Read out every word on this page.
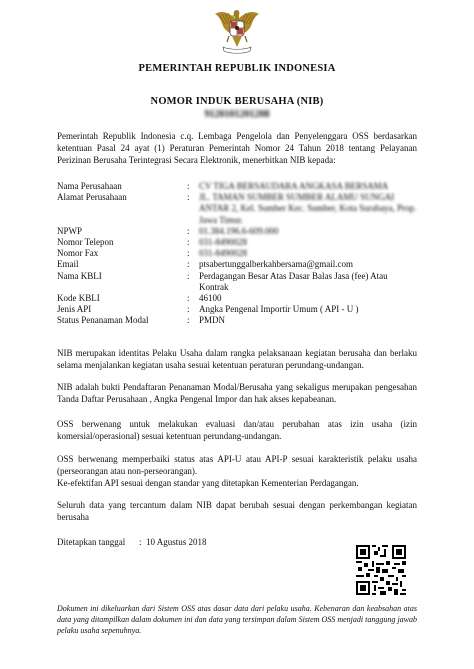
PEMERINTAH REPUBLIK INDONESIA
NOMOR INDUK BERUSAHA (NIB)
9120101201208
Pemerintah Republik Indonesia c.q. Lembaga Pengelola dan Penyelenggara OSS berdasarkan ketentuan Pasal 24 ayat (1) Peraturan Pemerintah Nomor 24 Tahun 2018 tentang Pelayanan Perizinan Berusaha Terintegrasi Secara Elektronik, menerbitkan NIB kepada:
Nama Perusahaan	:	CV TIGA BERSAUDARA ANGKASA BERSAMA
Alamat Perusahaan	:	JL. TAMAN SUMBER SUMBER ALAMU SUNGAI ANTAR 2, Kel. Sumber Kec. Sumber, Kota Surabaya, Prop. Jawa Timur.
NPWP	:	01.384.196.6-609.000
Nomor Telepon	:	031-8490028
Nomor Fax	:	031-8490028
Email	:	ptsabertunggalberkahbersama@gmail.com
Nama KBLI	:	Perdagangan Besar Atas Dasar Balas Jasa (fee) Atau Kontrak
Kode KBLI	:	46100
Jenis API	:	Angka Pengenal Importir Umum ( API - U )
Status Penanaman Modal	:	PMDN
NIB merupakan identitas Pelaku Usaha dalam rangka pelaksanaan kegiatan berusaha dan berlaku selama menjalankan kegiatan usaha sesuai ketentuan peraturan perundang-undangan.
NIB adalah bukti Pendaftaran Penanaman Modal/Berusaha yang sekaligus merupakan pengesahan Tanda Daftar Perusahaan , Angka Pengenal Impor dan hak akses kepabeanan.
OSS berwenang untuk melakukan evaluasi dan/atau perubahan atas izin usaha (izin komersial/operasional) sesuai ketentuan perundang-undangan.
OSS berwenang memperbaiki status atas API-U atau API-P sesuai karakteristik pelaku usaha (perseorangan atau non-perseorangan).
Ke-efektifan API sesuai dengan standar yang ditetapkan Kementerian Perdagangan.
Seluruh data yang tercantum dalam NIB dapat berubah sesuai dengan perkembangan kegiatan berusaha
Ditetapkan tanggal	: 10 Agustus 2018
Dokumen ini dikeluarkan dari Sistem OSS atas dasar data dari pelaku usaha. Kebenaran dan keabsahan atas data yang ditampilkan dalam dokumen ini dan data yang tersimpan dalam Sistem OSS menjadi tanggung jawab pelaku usaha sepenuhnya.
